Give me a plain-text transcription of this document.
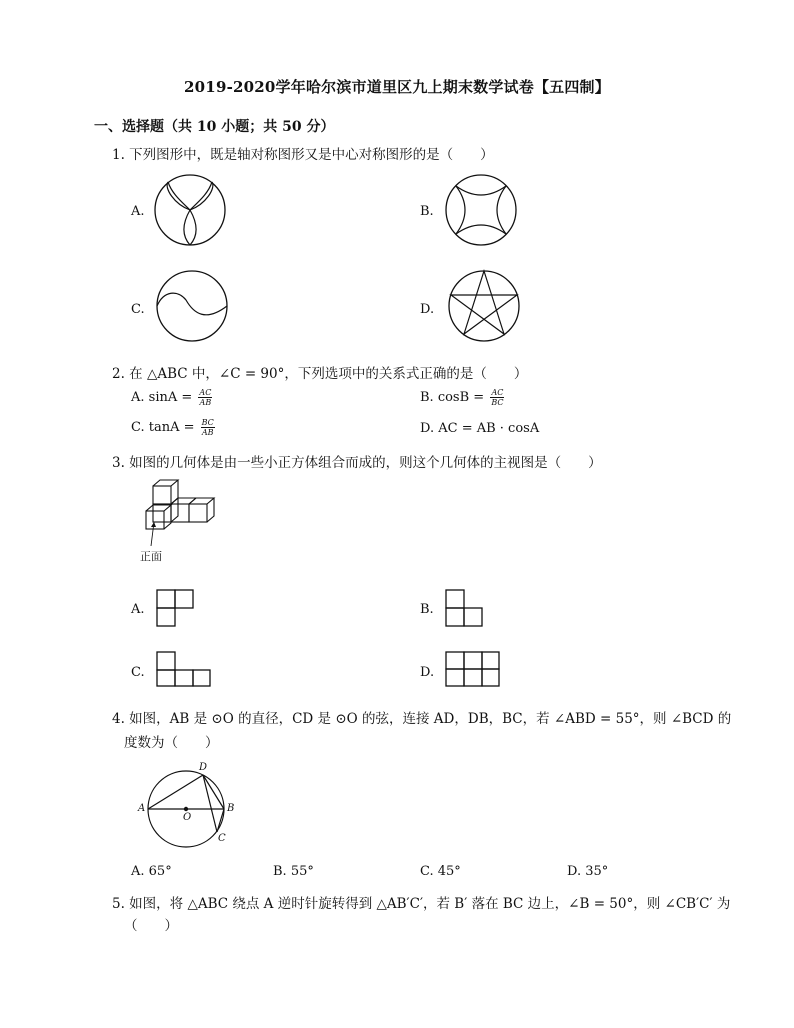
2019-2020学年哈尔滨市道里区九上期末数学试卷【五四制】
一、选择题（共 10 小题；共 50 分）
1. 下列图形中，既是轴对称图形又是中心对称图形的是（　　）
A.	B.
C.	D.
2. 在 △ABC 中，∠C = 90°，下列选项中的关系式正确的是（　　）
A. $\sin A = \frac{AC}{AB}$	B. $\cos B = \frac{AC}{BC}$
C. $\tan A = \frac{BC}{AB}$	D. AC = AB · cosA
3. 如图的几何体是由一些小正方体组合而成的，则这个几何体的主视图是（　　）
正面
A.	B.
C.	D.
4. 如图，AB 是 ⊙O 的直径，CD 是 ⊙O 的弦，连接 AD，DB，BC，若 ∠ABD = 55°，则 ∠BCD 的
度数为（　　）
A	B
C
D
O
A. 65°	B. 55°	C. 45°	D. 35°
5. 如图，将 △ABC 绕点 A 逆时针旋转得到 △AB′C′，若 B′ 落在 BC 边上，∠B = 50°，则 ∠CB′C′ 为
（　　）
